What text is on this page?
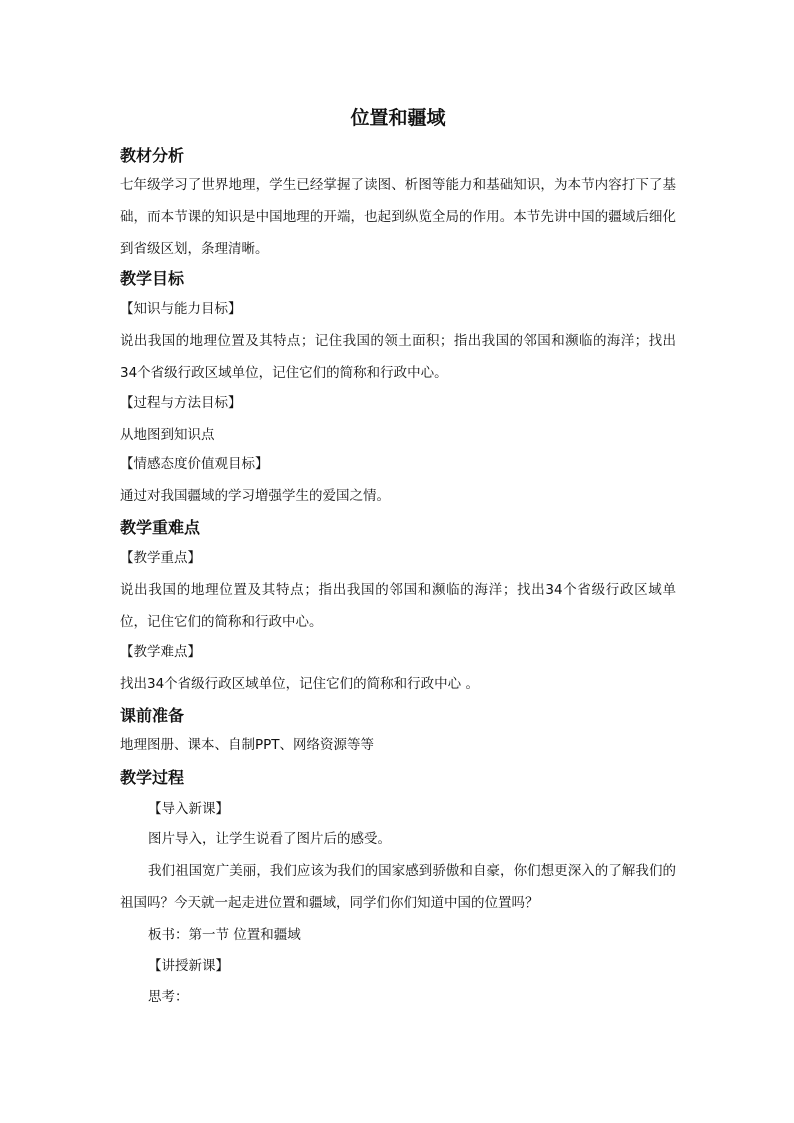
位置和疆域
教材分析
七年级学习了世界地理，学生已经掌握了读图、析图等能力和基础知识，为本节内容打下了基础，而本节课的知识是中国地理的开端，也起到纵览全局的作用。本节先讲中国的疆域后细化到省级区划，条理清晰。
教学目标
【知识与能力目标】
说出我国的地理位置及其特点；记住我国的领土面积；指出我国的邻国和濒临的海洋；找出34个省级行政区域单位，记住它们的简称和行政中心。
【过程与方法目标】
从地图到知识点
【情感态度价值观目标】
通过对我国疆域的学习增强学生的爱国之情。
教学重难点
【教学重点】
说出我国的地理位置及其特点；指出我国的邻国和濒临的海洋；找出34个省级行政区域单位，记住它们的简称和行政中心。
【教学难点】
找出34个省级行政区域单位，记住它们的简称和行政中心 。
课前准备
地理图册、课本、自制PPT、网络资源等等
教学过程
【导入新课】
图片导入，让学生说看了图片后的感受。
我们祖国宽广美丽，我们应该为我们的国家感到骄傲和自豪，你们想更深入的了解我们的祖国吗？今天就一起走进位置和疆域，同学们你们知道中国的位置吗？
板书：第一节 位置和疆域
【讲授新课】
思考：
